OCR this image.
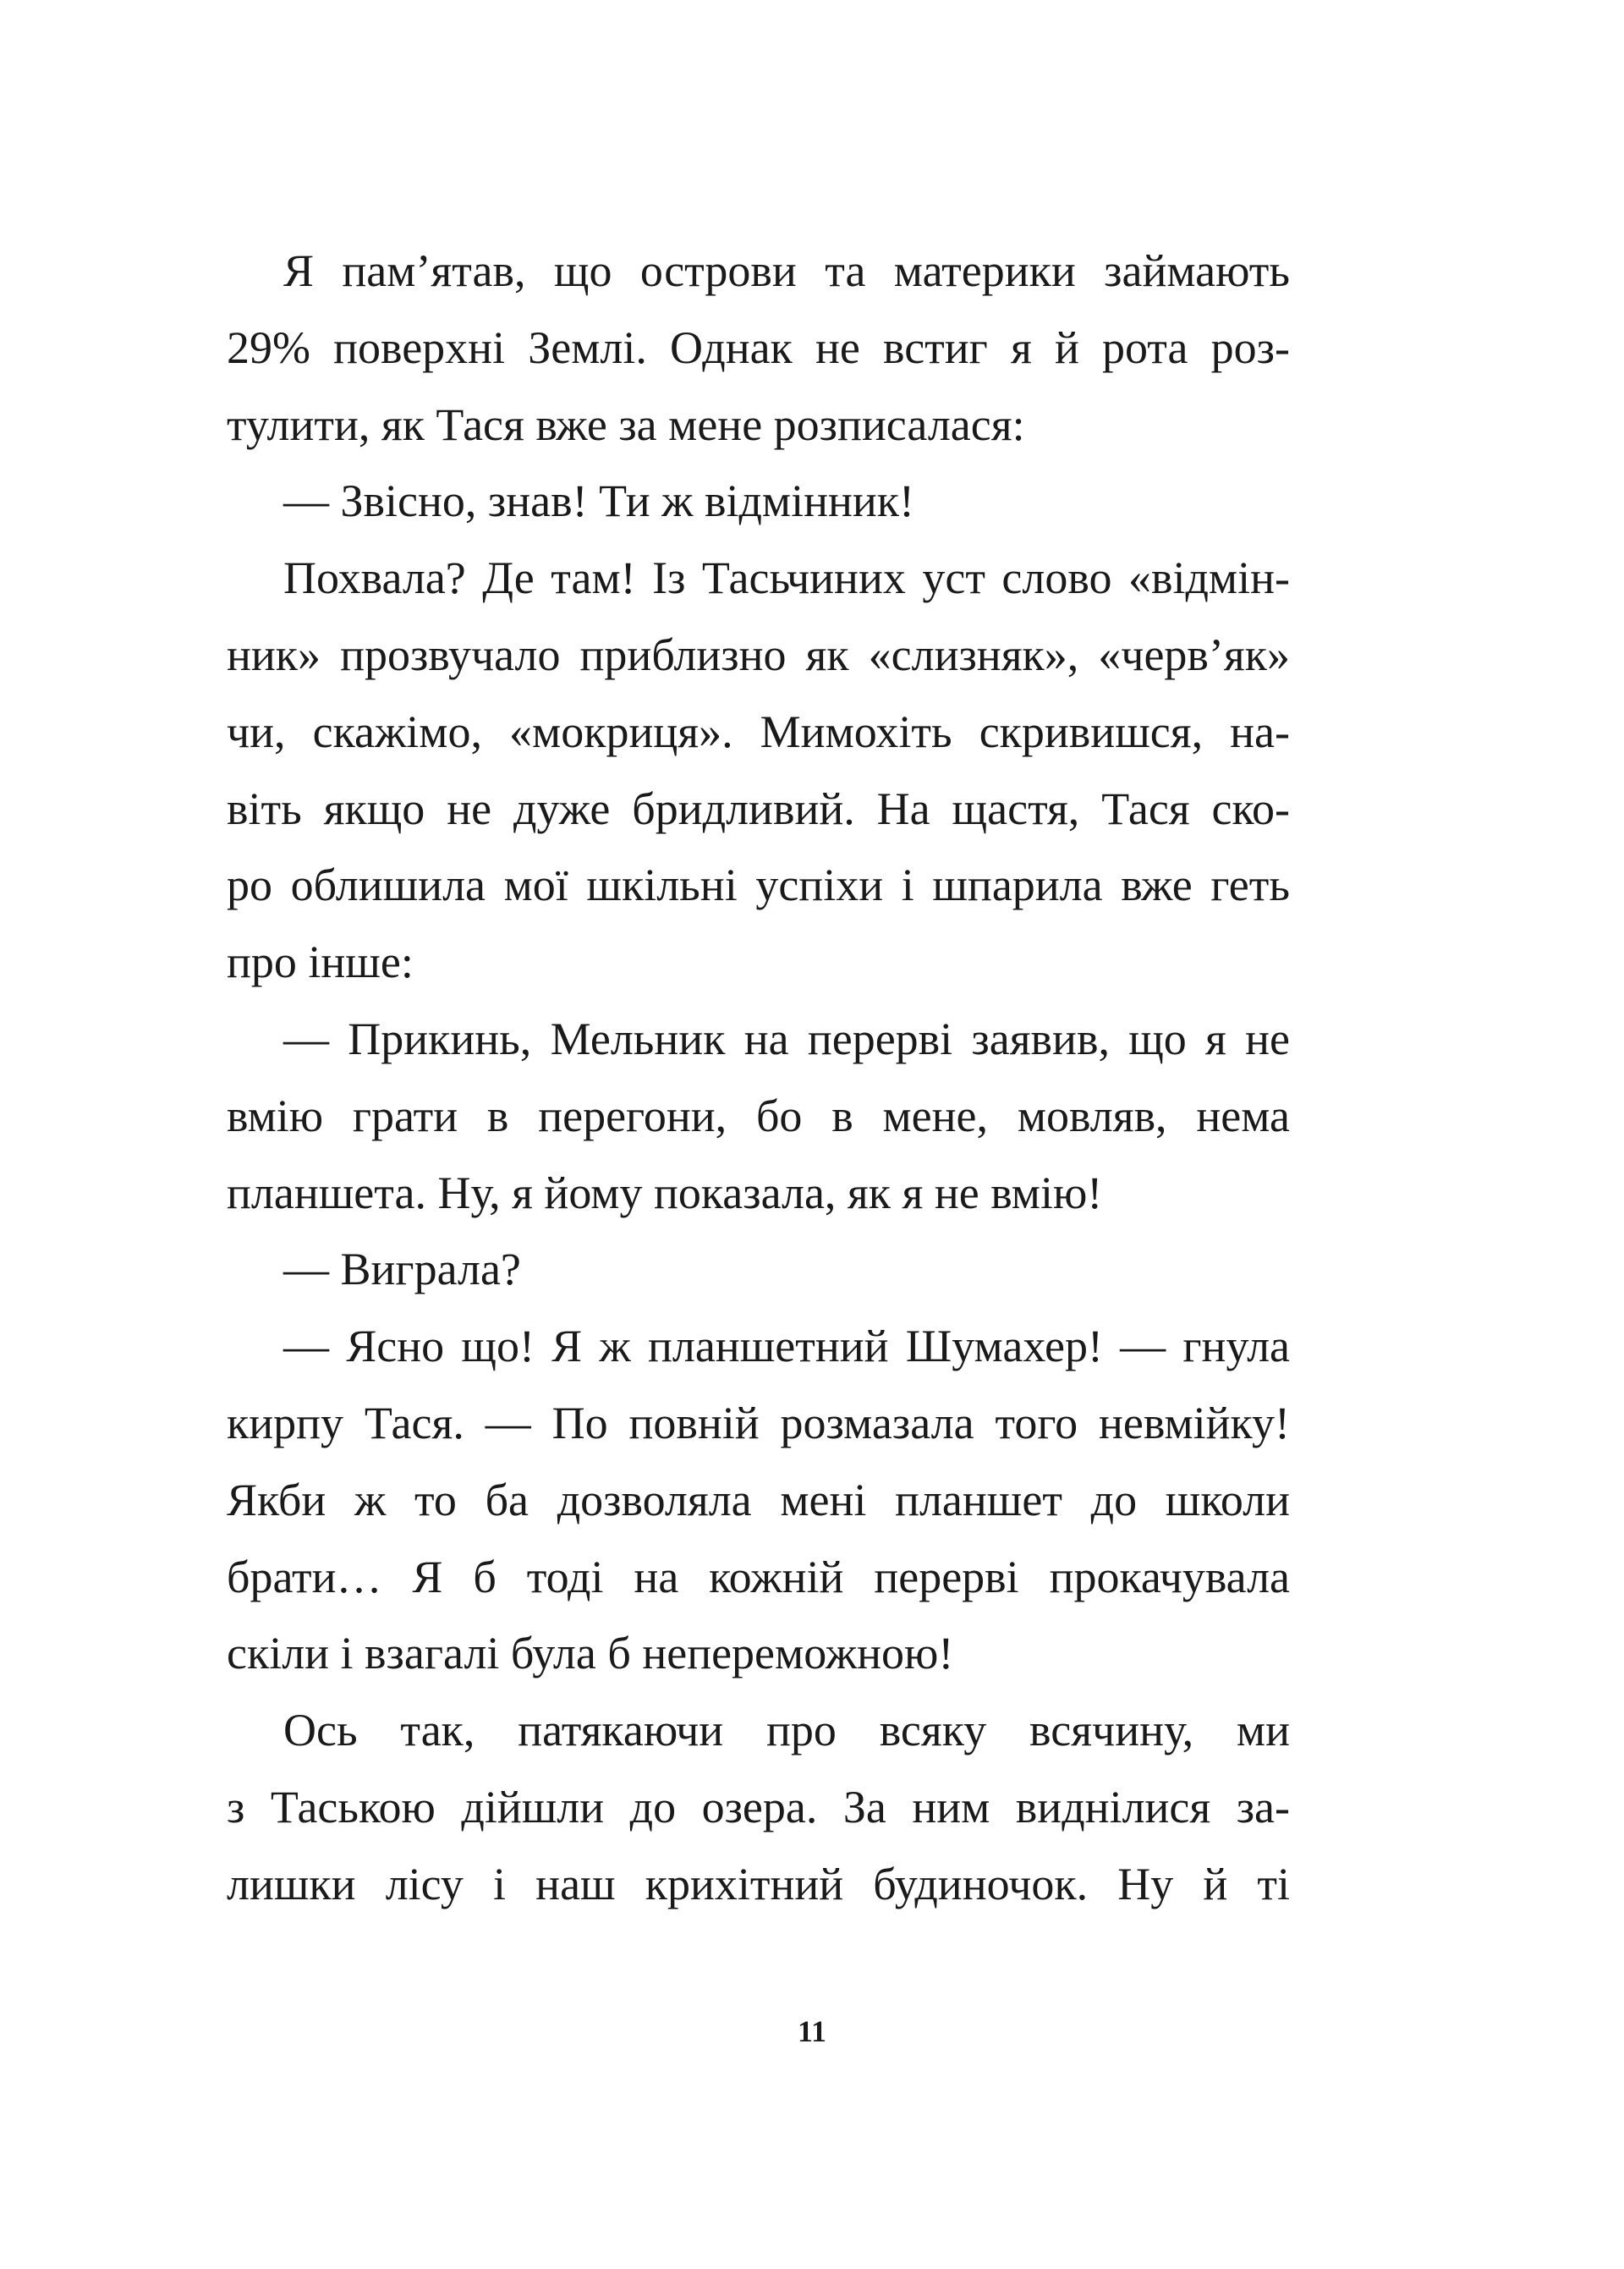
Я пам’ятав, що острови та материки займають
29% поверхні Землі. Однак не встиг я й рота роз-
тулити, як Тася вже за мене розписалася:
— Звісно, знав! Ти ж відмінник!
Похвала? Де там! Із Тасьчиних уст слово «відмін-
ник» прозвучало приблизно як «слизняк», «черв’як»
чи, скажімо, «мокриця». Мимохіть скривишся, на-
віть якщо не дуже бридливий. На щастя, Тася ско-
ро облишила мої шкільні успіхи і шпарила вже геть
про інше:
— Прикинь, Мельник на перерві заявив, що я не
вмію грати в перегони, бо в мене, мовляв, нема
планшета. Ну, я йому показала, як я не вмію!
— Виграла?
— Ясно що! Я ж планшетний Шумахер! — гнула
кирпу Тася. — По повній розмазала того невмійку!
Якби ж то ба дозволяла мені планшет до школи
брати… Я б тоді на кожній перерві прокачувала
скіли і взагалі була б непереможною!
Ось так, патякаючи про всяку всячину, ми
з Таською дійшли до озера. За ним виднілися за-
лишки лісу і наш крихітний будиночок. Ну й ті
11
